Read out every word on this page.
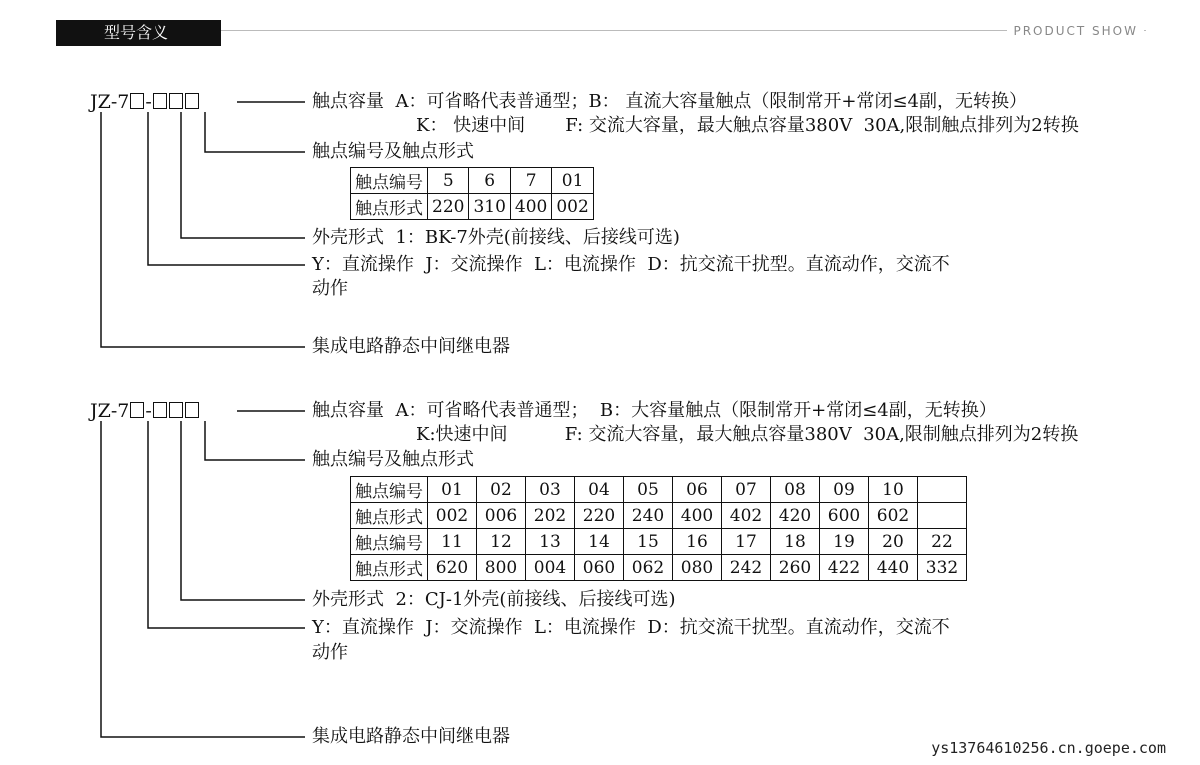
型号含义	PRODUCT SHOW
JZ-7 -	触点容量  A：可省略代表普通型；B： 直流大容量触点（限制常开+常闭≤4副，无转换）
K： 快速中间       F: 交流大容量，最大触点容量380V  30A,限制触点排列为2转换
触点编号及触点形式
触点编号	5	6	7	01
触点形式	220	310	400	002
外壳形式  1：BK-7外壳(前接线、后接线可选)
Y：直流操作  J：交流操作  L：电流操作  D：抗交流干扰型。直流动作，交流不
动作
集成电路静态中间继电器
JZ-7 -	触点容量  A：可省略代表普通型；  B：大容量触点（限制常开+常闭≤4副，无转换）
K:快速中间          F: 交流大容量，最大触点容量380V  30A,限制触点排列为2转换
触点编号及触点形式
触点编号	01	02	03	04	05	06	07	08	09	10	
触点形式	002	006	202	220	240	400	402	420	600	602	
触点编号	11	12	13	14	15	16	17	18	19	20	22
触点形式	620	800	004	060	062	080	242	260	422	440	332
外壳形式  2：CJ-1外壳(前接线、后接线可选)
Y：直流操作  J：交流操作  L：电流操作  D：抗交流干扰型。直流动作，交流不
动作
集成电路静态中间继电器
ys13764610256.cn.goepe.com
